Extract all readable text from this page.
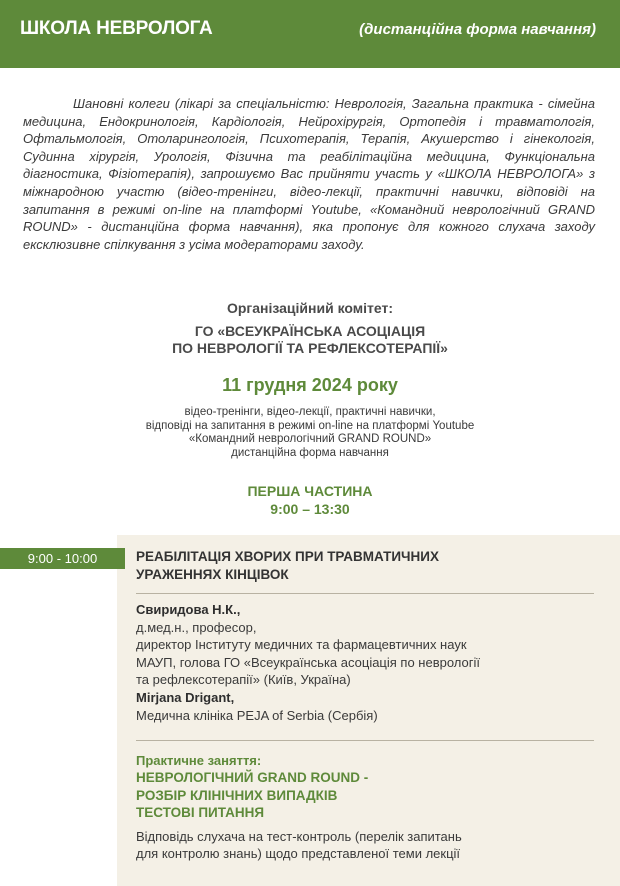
ШКОЛА НЕВРОЛОГА	(дистанційна форма навчання)
Шановні колеги (лікарі за спеціальністю: Неврологія, Загальна практика - сімейна медицина, Ендокринологія, Кардіологія, Нейрохірургія, Ортопедія і травматологія, Офтальмологія, Отоларингологія, Психотерапія, Терапія, Акушерство і гінекологія, Судинна хірургія, Урологія, Фізична та реабілітаційна медицина, Функціональна діагностика, Фізіотерапія), запрошуємо Вас прийняти участь у «ШКОЛА НЕВРОЛОГА» з міжнародною участю (відео-тренінги, відео-лекції, практичні навички, відповіді на запитання в режимі on-line на платформі Youtube, «Командний неврологічний GRAND ROUND» - дистанційна форма навчання), яка пропонує для кожного слухача заходу ексклюзивне спілкування з усіма модераторами заходу.
Організаційний комітет:
ГО «ВСЕУКРАЇНСЬКА АСОЦІАЦІЯ
ПО НЕВРОЛОГІЇ ТА РЕФЛЕКСОТЕРАПІЇ»
11 грудня 2024 року
відео-тренінги, відео-лекції, практичні навички,
відповіді на запитання в режимі on-line на платформі Youtube
«Командний неврологічний GRAND ROUND»
дистанційна форма навчання
ПЕРША ЧАСТИНА
9:00 – 13:30
9:00 - 10:00	РЕАБІЛІТАЦІЯ ХВОРИХ ПРИ ТРАВМАТИЧНИХ
УРАЖЕННЯХ КІНЦІВОК
Свиридова Н.К.,
д.мед.н., професор,
директор Інституту медичних та фармацевтичних наук
МАУП, голова ГО «Всеукраїнська асоціація по неврології
та рефлексотерапії» (Київ, Україна)
Mirjana Drigant,
Медична клініка PEJA of Serbia (Сербія)
Практичне заняття:
НЕВРОЛОГІЧНИЙ GRAND ROUND -
РОЗБІР КЛІНІЧНИХ ВИПАДКІВ
ТЕСТОВІ ПИТАННЯ
Відповідь слухача на тест-контроль (перелік запитань
для контролю знань) щодо представленої теми лекції
